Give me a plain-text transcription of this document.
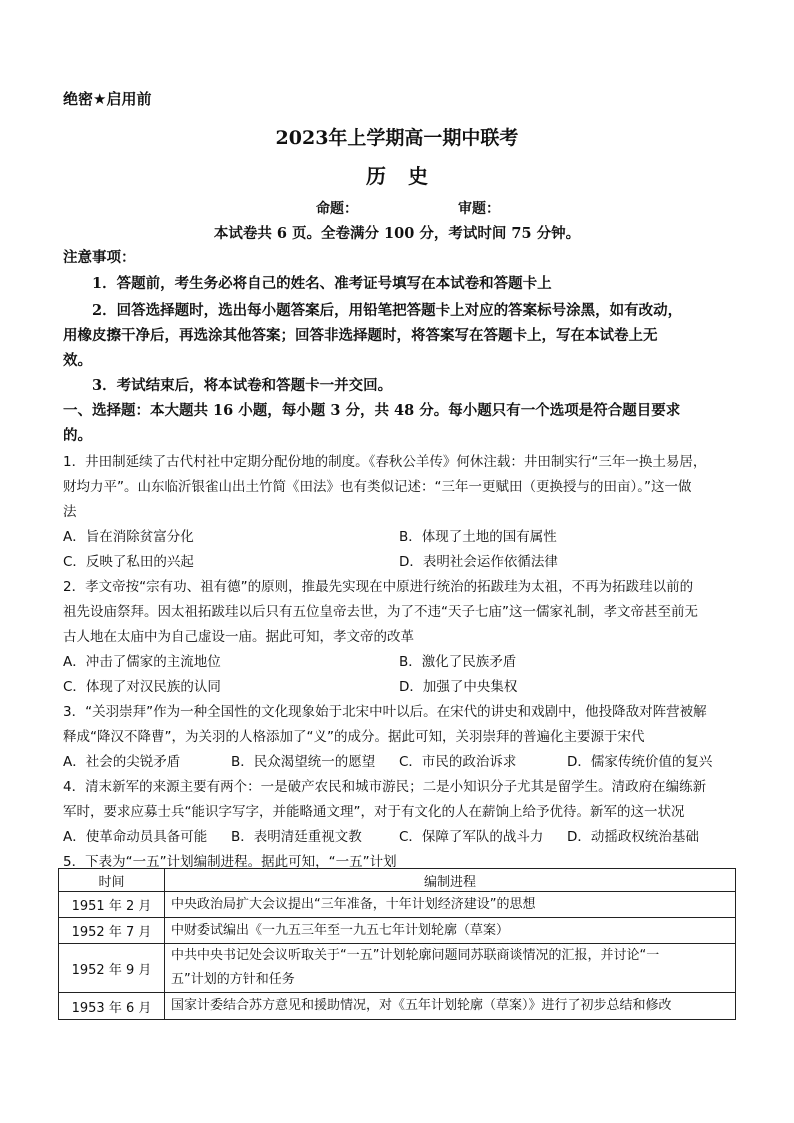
绝密★启用前
2023年上学期高一期中联考
历史
命题：	审题：
本试卷共 6 页。全卷满分 100 分，考试时间 75 分钟。
注意事项：
1．答题前，考生务必将自己的姓名、准考证号填写在本试卷和答题卡上
2．回答选择题时，选出每小题答案后，用铅笔把答题卡上对应的答案标号涂黑，如有改动，
用橡皮擦干净后，再选涂其他答案；回答非选择题时，将答案写在答题卡上，写在本试卷上无
效。
3．考试结束后，将本试卷和答题卡一并交回。
一、选择题：本大题共 16 小题，每小题 3 分，共 48 分。每小题只有一个选项是符合题目要求
的。
1．井田制延续了古代村社中定期分配份地的制度。《春秋公羊传》何休注载：井田制实行“三年一换土易居，
财均力平”。山东临沂银雀山出土竹简《田法》也有类似记述：“三年一更赋田（更换授与的田亩）。”这一做
法
A．旨在消除贫富分化	B．体现了土地的国有属性
C．反映了私田的兴起	D．表明社会运作依循法律
2．孝文帝按“宗有功、祖有德”的原则，推最先实现在中原进行统治的拓跋珪为太祖，不再为拓跋珪以前的
祖先设庙祭拜。因太祖拓跋珪以后只有五位皇帝去世，为了不违“天子七庙”这一儒家礼制，孝文帝甚至前无
古人地在太庙中为自己虚设一庙。据此可知，孝文帝的改革
A．冲击了儒家的主流地位	B．激化了民族矛盾
C．体现了对汉民族的认同	D．加强了中央集权
3．“关羽崇拜”作为一种全国性的文化现象始于北宋中叶以后。在宋代的讲史和戏剧中，他投降敌对阵营被解
释成“降汉不降曹”，为关羽的人格添加了“义”的成分。据此可知，关羽崇拜的普遍化主要源于宋代
A．社会的尖锐矛盾	B．民众渴望统一的愿望 C．市民的政治诉求	D．儒家传统价值的复兴
4．清末新军的来源主要有两个：一是破产农民和城市游民；二是小知识分子尤其是留学生。清政府在编练新
军时，要求应募士兵“能识字写字，并能略通文理”，对于有文化的人在薪饷上给予优待。新军的这一状况
A．使革命动员具备可能 B．表明清廷重视文教	C．保障了军队的战斗力 D．动摇政权统治基础
5．下表为“一五”计划编制进程。据此可知，“一五”计划
时间	编制进程
1951 年 2 月	中央政治局扩大会议提出“三年准备，十年计划经济建设”的思想
1952 年 7 月	中财委试编出《一九五三年至一九五七年计划轮廓（草案）
1952 年 9 月	中共中央书记处会议听取关于“一五”计划轮廓问题同苏联商谈情况的汇报，并讨论“一
五”计划的方针和任务

1953 年 6 月	国家计委结合苏方意见和援助情况，对《五年计划轮廓（草案）》进行了初步总结和修改
